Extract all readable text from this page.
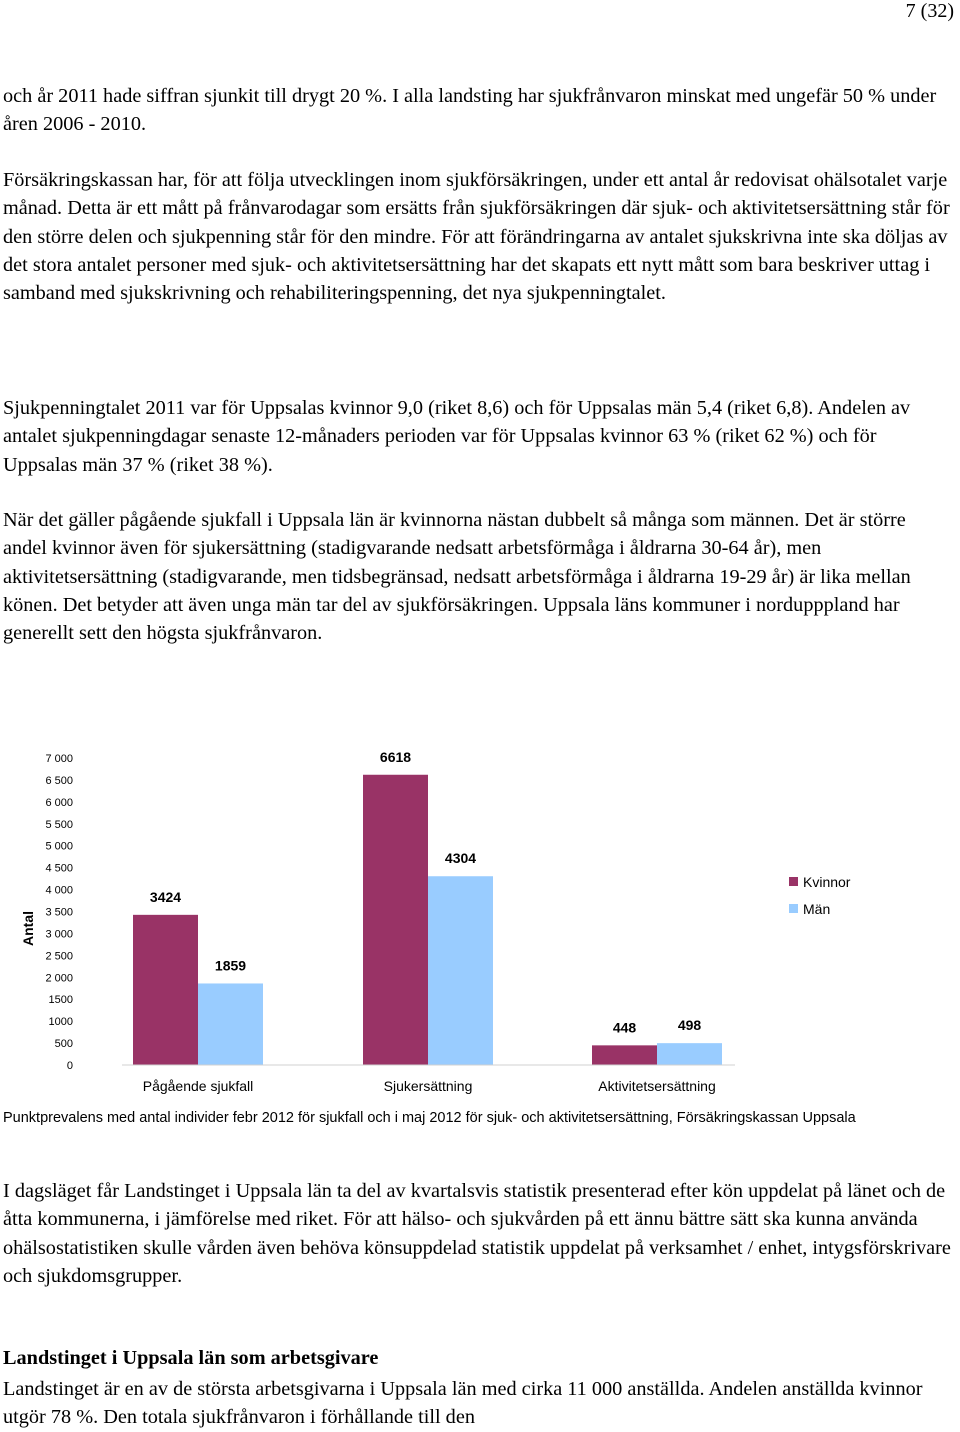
7 (32)

och år 2011 hade siffran sjunkit till drygt 20 %. I alla landsting har sjukfrånvaron minskat med ungefär 50 % under åren 2006 - 2010.

Försäkringskassan har, för att följa utvecklingen inom sjukförsäkringen, under ett antal år redovisat ohälsotalet varje månad. Detta är ett mått på frånvarodagar som ersätts från sjukförsäkringen där sjuk- och aktivitetsersättning står för den större delen och sjukpenning står för den mindre. För att förändringarna av antalet sjukskrivna inte ska döljas av det stora antalet personer med sjuk- och aktivitetsersättning har det skapats ett nytt mått som bara beskriver uttag i samband med sjukskrivning och rehabiliteringspenning, det nya sjukpenningtalet.

Sjukpenningtalet 2011 var för Uppsalas kvinnor 9,0 (riket 8,6) och för Uppsalas män 5,4 (riket 6,8). Andelen av antalet sjukpenningdagar senaste 12-månaders perioden var för Uppsalas kvinnor 63 % (riket 62 %) och för Uppsalas män 37 % (riket 38 %).

När det gäller pågående sjukfall i Uppsala län är kvinnorna nästan dubbelt så många som männen. Det är större andel kvinnor även för sjukersättning (stadigvarande nedsatt arbetsförmåga i åldrarna 30-64 år), men aktivitetsersättning (stadigvarande, men tidsbegränsad, nedsatt arbetsförmåga i åldrarna 19-29 år) är lika mellan könen. Det betyder att även unga män tar del av sjukförsäkringen. Uppsala läns kommuner i nordupppland har generellt sett den högsta sjukfrånvaron.

0
500
1000
1500
2 000
2 500
3 000
3 500
4 000
4 500
5 000
5 500
6 000
6 500
7 000
Antal
3424
1859
Pågående sjukfall
6618
4304
Sjukersättning
448	498
Aktivitetsersättning
Kvinnor
Män

Punktprevalens med antal individer febr 2012 för sjukfall och i maj 2012 för sjuk- och aktivitetsersättning, Försäkringskassan Uppsala

I dagsläget får Landstinget i Uppsala län ta del av kvartalsvis statistik presenterad efter kön uppdelat på länet och de åtta kommunerna, i jämförelse med riket. För att hälso- och sjukvården på ett ännu bättre sätt ska kunna använda ohälsostatistiken skulle vården även behöva könsuppdelad statistik uppdelat på verksamhet / enhet, intygsförskrivare och sjukdomsgrupper.

Landstinget i Uppsala län som arbetsgivare

Landstinget är en av de största arbetsgivarna i Uppsala län med cirka 11 000 anställda. Andelen anställda kvinnor utgör 78 %. Den totala sjukfrånvaron i förhållande till den
